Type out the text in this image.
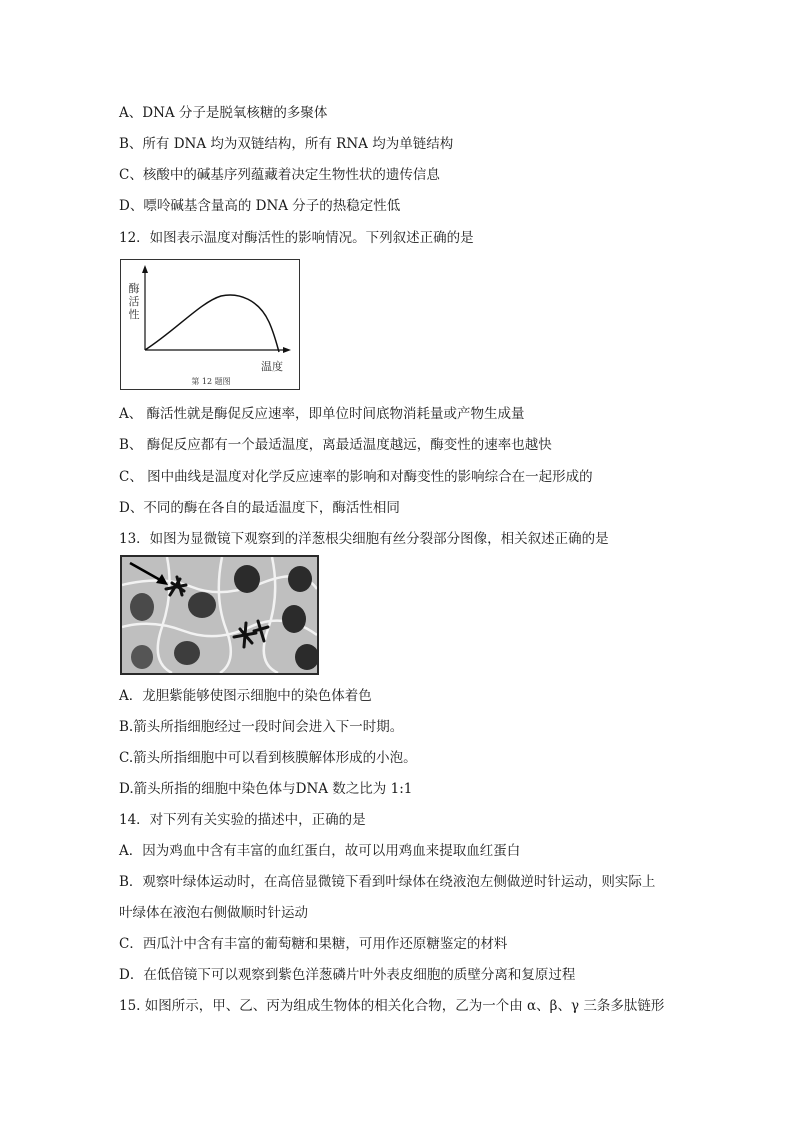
A、DNA 分子是脱氧核糖的多聚体
B、所有 DNA 均为双链结构，所有 RNA 均为单链结构
C、核酸中的碱基序列蕴藏着决定生物性状的遗传信息
D、嘌呤碱基含量高的 DNA 分子的热稳定性低
12．如图表示温度对酶活性的影响情况。下列叙述正确的是
酶
活
性
温度
第 12 题图
A、 酶活性就是酶促反应速率，即单位时间底物消耗量或产物生成量
B、 酶促反应都有一个最适温度，离最适温度越远，酶变性的速率也越快
C、 图中曲线是温度对化学反应速率的影响和对酶变性的影响综合在一起形成的
D、不同的酶在各自的最适温度下，酶活性相同
13．如图为显微镜下观察到的洋葱根尖细胞有丝分裂部分图像，相关叙述正确的是
A．龙胆紫能够使图示细胞中的染色体着色
B.箭头所指细胞经过一段时间会进入下一时期。
C.箭头所指细胞中可以看到核膜解体形成的小泡。
D.箭头所指的细胞中染色体与DNA 数之比为 1:1
14．对下列有关实验的描述中，正确的是
A．因为鸡血中含有丰富的血红蛋白，故可以用鸡血来提取血红蛋白
B．观察叶绿体运动时，在高倍显微镜下看到叶绿体在绕液泡左侧做逆时针运动，则实际上
叶绿体在液泡右侧做顺时针运动
C．西瓜汁中含有丰富的葡萄糖和果糖，可用作还原糖鉴定的材料
D．在低倍镜下可以观察到紫色洋葱磷片叶外表皮细胞的质壁分离和复原过程
15. 如图所示，甲、乙、丙为组成生物体的相关化合物，乙为一个由 α、β、γ 三条多肽链形
